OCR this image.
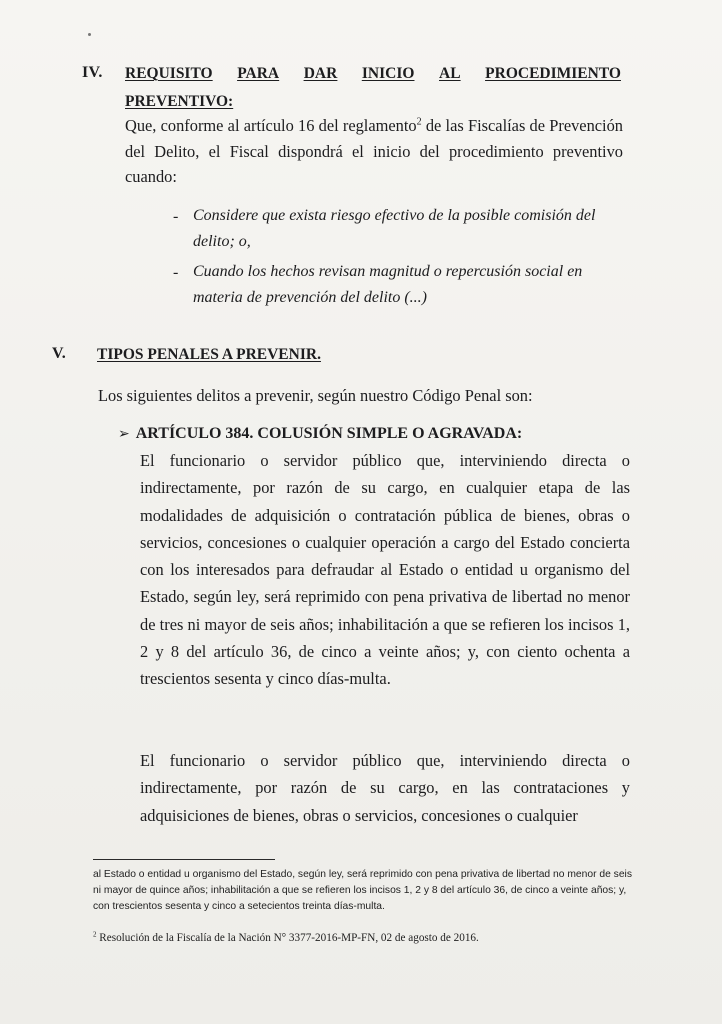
IV. REQUISITO PARA DAR INICIO AL PROCEDIMIENTO
PREVENTIVO:
Que, conforme al artículo 16 del reglamento$^2$ de las Fiscalías de Prevención del Delito, el Fiscal dispondrá el inicio del procedimiento preventivo cuando:
- Considere que exista riesgo efectivo de la posible comisión del delito; o,
- Cuando los hechos revisan magnitud o repercusión social en materia de prevención del delito (...)
V. TIPOS PENALES A PREVENIR.
Los siguientes delitos a prevenir, según nuestro Código Penal son:
➢ ARTÍCULO 384. COLUSIÓN SIMPLE O AGRAVADA:
El funcionario o servidor público que, interviniendo directa o indirectamente, por razón de su cargo, en cualquier etapa de las modalidades de adquisición o contratación pública de bienes, obras o servicios, concesiones o cualquier operación a cargo del Estado concierta con los interesados para defraudar al Estado o entidad u organismo del Estado, según ley, será reprimido con pena privativa de libertad no menor de tres ni mayor de seis años; inhabilitación a que se refieren los incisos 1, 2 y 8 del artículo 36, de cinco a veinte años; y, con ciento ochenta a trescientos sesenta y cinco días-multa.
El funcionario o servidor público que, interviniendo directa o indirectamente, por razón de su cargo, en las contrataciones y adquisiciones de bienes, obras o servicios, concesiones o cualquier
al Estado o entidad u organismo del Estado, según ley, será reprimido con pena privativa de libertad no menor de seis ni mayor de quince años; inhabilitación a que se refieren los incisos 1, 2 y 8 del artículo 36, de cinco a veinte años; y, con trescientos sesenta y cinco a setecientos treinta días-multa.
$^2$ Resolución de la Fiscalía de la Nación N° 3377-2016-MP-FN, 02 de agosto de 2016.
